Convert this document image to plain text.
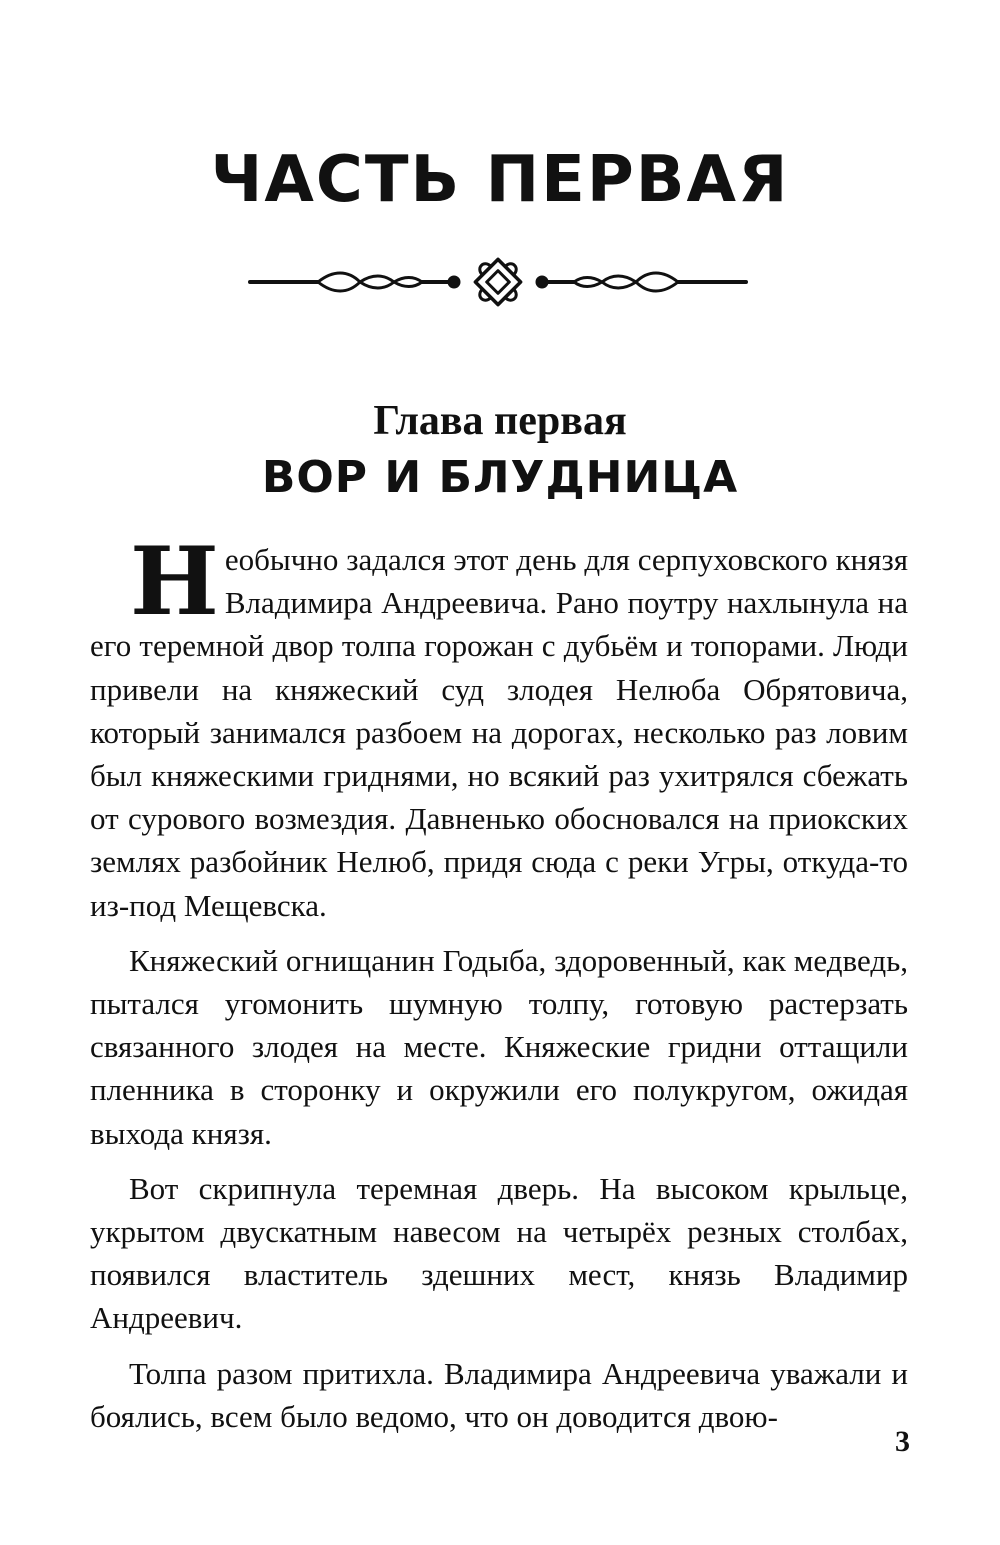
ЧАСТЬ ПЕРВАЯ
Глава первая
ВОР И БЛУДНИЦА

Необычно задался этот день для серпуховского князя Владимира Андреевича. Рано поутру нахлынула на его теремной двор толпа горожан с дубьём и топорами. Люди привели на княжеский суд злодея Нелюба Обрятовича, который занимался разбоем на дорогах, несколько раз ловим был княжескими гриднями, но всякий раз ухитрялся сбежать от сурового возмездия. Давненько обосновался на приокских землях разбойник Нелюб, придя сюда с реки Угры, откуда-то из-под Мещевска.

Княжеский огнищанин Годыба, здоровенный, как медведь, пытался угомонить шумную толпу, готовую растерзать связанного злодея на месте. Княжеские гридни оттащили пленника в сторонку и окружили его полукругом, ожидая выхода князя.

Вот скрипнула теремная дверь. На высоком крыльце, укрытом двускатным навесом на четырёх резных столбах, появился властитель здешних мест, князь Владимир Андреевич.

Толпа разом притихла. Владимира Андреевича уважали и боялись, всем было ведомо, что он доводится двою-

3
